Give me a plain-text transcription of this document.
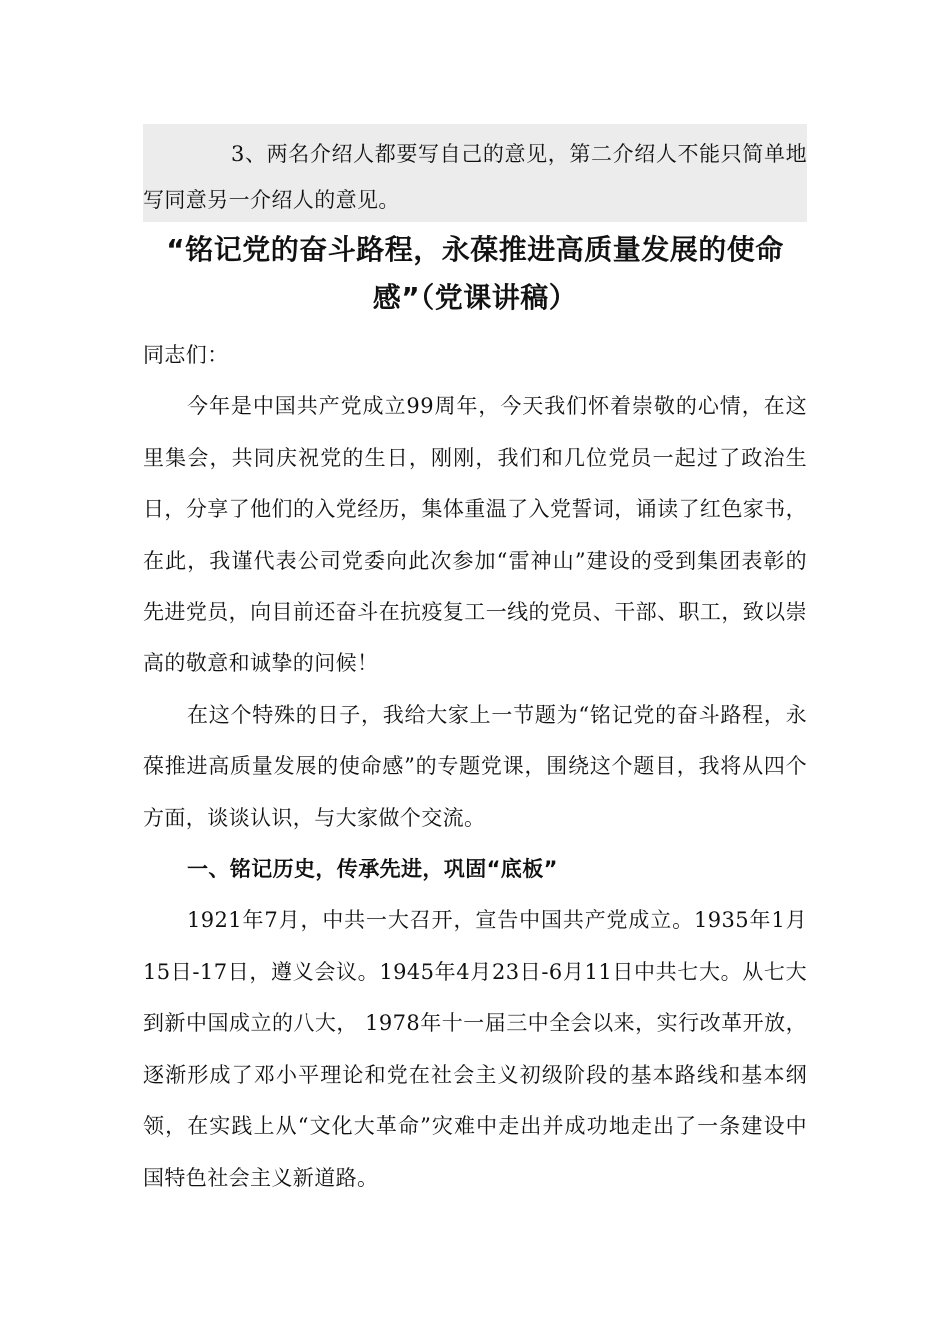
3、两名介绍人都要写自己的意见，第二介绍人不能只简单地写同意另一介绍人的意见。

“铭记党的奋斗路程，永葆推进高质量发展的使命感”（党课讲稿）

同志们：

今年是中国共产党成立99周年，今天我们怀着崇敬的心情，在这里集会，共同庆祝党的生日，刚刚，我们和几位党员一起过了政治生日，分享了他们的入党经历，集体重温了入党誓词，诵读了红色家书，在此，我谨代表公司党委向此次参加“雷神山”建设的受到集团表彰的先进党员，向目前还奋斗在抗疫复工一线的党员、干部、职工，致以崇高的敬意和诚挚的问候！

在这个特殊的日子，我给大家上一节题为“铭记党的奋斗路程，永葆推进高质量发展的使命感”的专题党课，围绕这个题目，我将从四个方面，谈谈认识，与大家做个交流。

一、铭记历史，传承先进，巩固“底板”

1921年7月，中共一大召开，宣告中国共产党成立。1935年1月15日-17日，遵义会议。1945年4月23日-6月11日中共七大。从七大到新中国成立的八大， 1978年十一届三中全会以来，实行改革开放，逐渐形成了邓小平理论和党在社会主义初级阶段的基本路线和基本纲领，在实践上从“文化大革命”灾难中走出并成功地走出了一条建设中国特色社会主义新道路。
